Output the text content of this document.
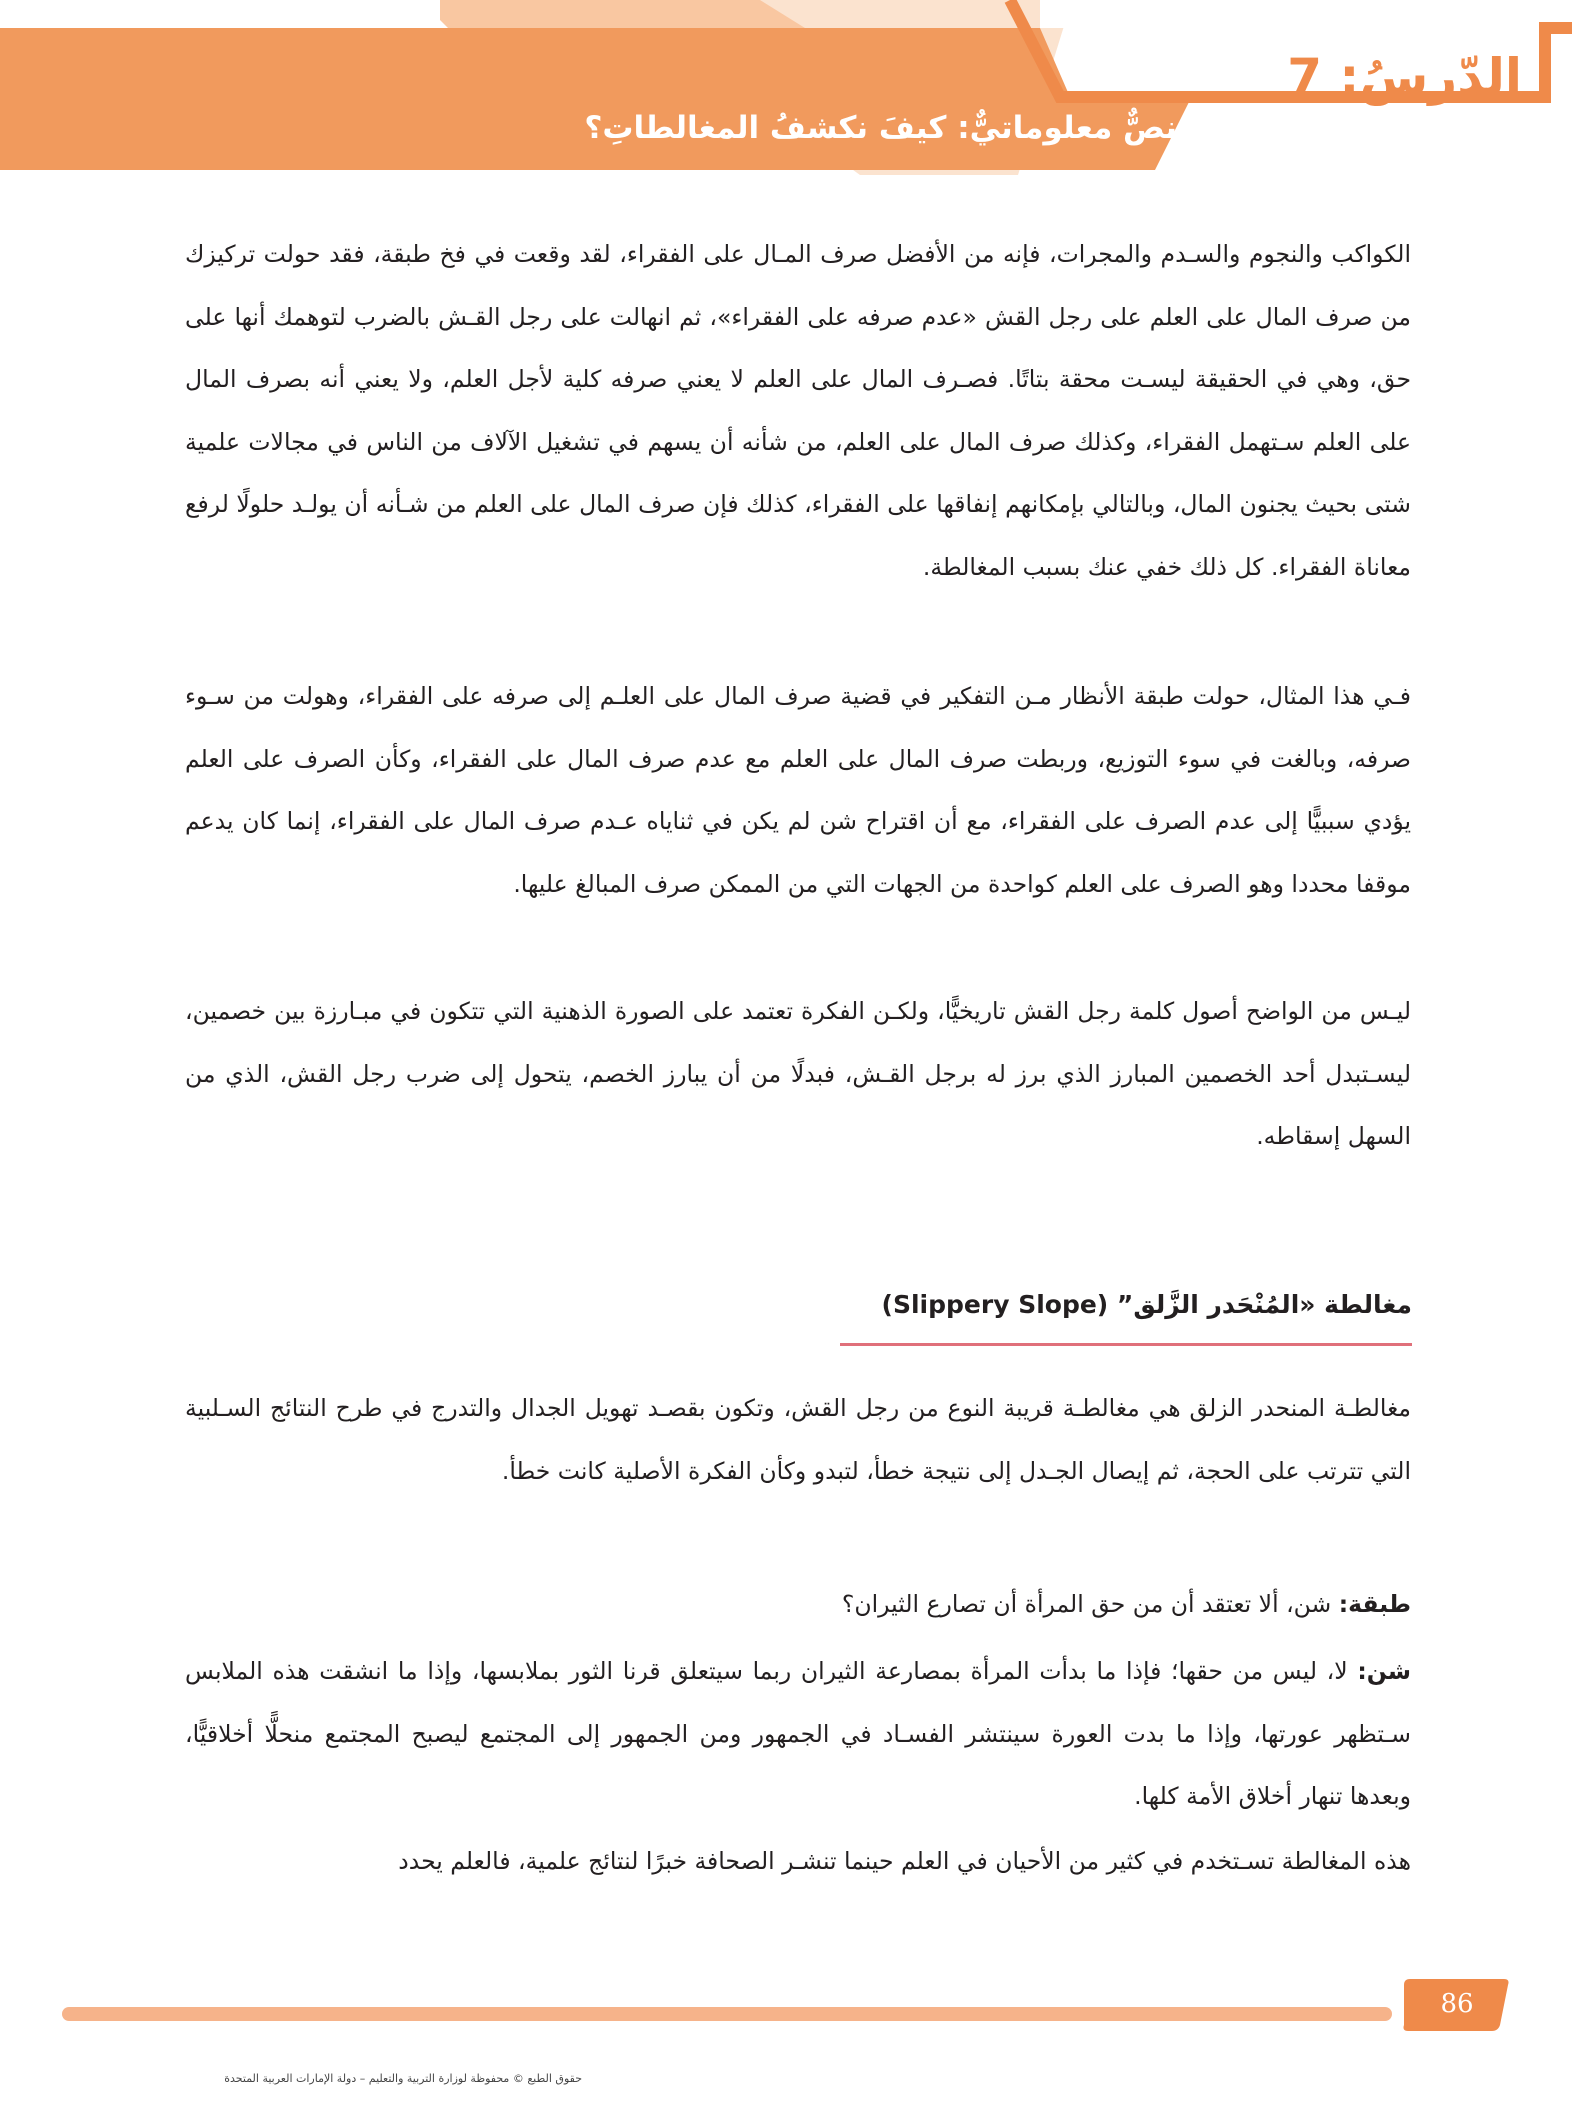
الدّرسُ: 7
نصٌّ معلوماتيٌّ: كيفَ نكشفُ المغالطاتِ؟

الكواكب والنجوم والسـدم والمجرات، فإنه من الأفضل صرف المـال على الفقراء، لقد وقعت في فخ طبقة، فقد حولت تركيزك من صرف المال على العلم على رجل القش «عدم صرفه على الفقراء»، ثم انهالت على رجل القـش بالضرب لتوهمك أنها على حق، وهي في الحقيقة ليسـت محقة بتاتًا. فصـرف المال على العلم لا يعني صرفه كلية لأجل العلم، ولا يعني أنه بصرف المال على العلم سـتهمل الفقراء، وكذلك صرف المال على العلم، من شأنه أن يسهم في تشغيل الآلاف من الناس في مجالات علمية شتى بحيث يجنون المال، وبالتالي بإمكانهم إنفاقها على الفقراء، كذلك فإن صرف المال على العلم من شـأنه أن يولـد حلولًا لرفع معاناة الفقراء. كل ذلك خفي عنك بسبب المغالطة.

فـي هذا المثال، حولت طبقة الأنظار مـن التفكير في قضية صرف المال على العلـم إلى صرفه على الفقراء، وهولت من سـوء صرفه، وبالغت في سوء التوزيع، وربطت صرف المال على العلم مع عدم صرف المال على الفقراء، وكأن الصرف على العلم يؤدي سببيًّا إلى عدم الصرف على الفقراء، مع أن اقتراح شن لم يكن في ثناياه عـدم صرف المال على الفقراء، إنما كان يدعم موقفا محددا وهو الصرف على العلم كواحدة من الجهات التي من الممكن صرف المبالغ عليها.

ليـس من الواضح أصول كلمة رجل القش تاريخيًّا، ولكـن الفكرة تعتمد على الصورة الذهنية التي تتكون في مبـارزة بين خصمين، ليسـتبدل أحد الخصمين المبارز الذي برز له برجل القـش، فبدلًا من أن يبارز الخصم، يتحول إلى ضرب رجل القش، الذي من السهل إسقاطه.

مغالطة «المُنْحَدر الزَّلق” (Slippery Slope)

مغالطـة المنحدر الزلق هي مغالطـة قريبة النوع من رجل القش، وتكون بقصـد تهويل الجدال والتدرج في طرح النتائج السـلبية التي تترتب على الحجة، ثم إيصال الجـدل إلى نتيجة خطأ، لتبدو وكأن الفكرة الأصلية كانت خطأ.

طبقة: شن، ألا تعتقد أن من حق المرأة أن تصارع الثيران؟

شن: لا، ليس من حقها؛ فإذا ما بدأت المرأة بمصارعة الثيران ربما سيتعلق قرنا الثور بملابسها، وإذا ما انشقت هذه الملابس سـتظهر عورتها، وإذا ما بدت العورة سينتشر الفسـاد في الجمهور ومن الجمهور إلى المجتمع ليصبح المجتمع منحلًّا أخلاقيًّا، وبعدها تنهار أخلاق الأمة كلها.

هذه المغالطة تسـتخدم في كثير من الأحيان في العلم حينما تنشـر الصحافة خبرًا لنتائج علمية، فالعلم يحدد

86
حقوق الطبع © محفوظة لوزارة التربية والتعليم – دولة الإمارات العربية المتحدة
